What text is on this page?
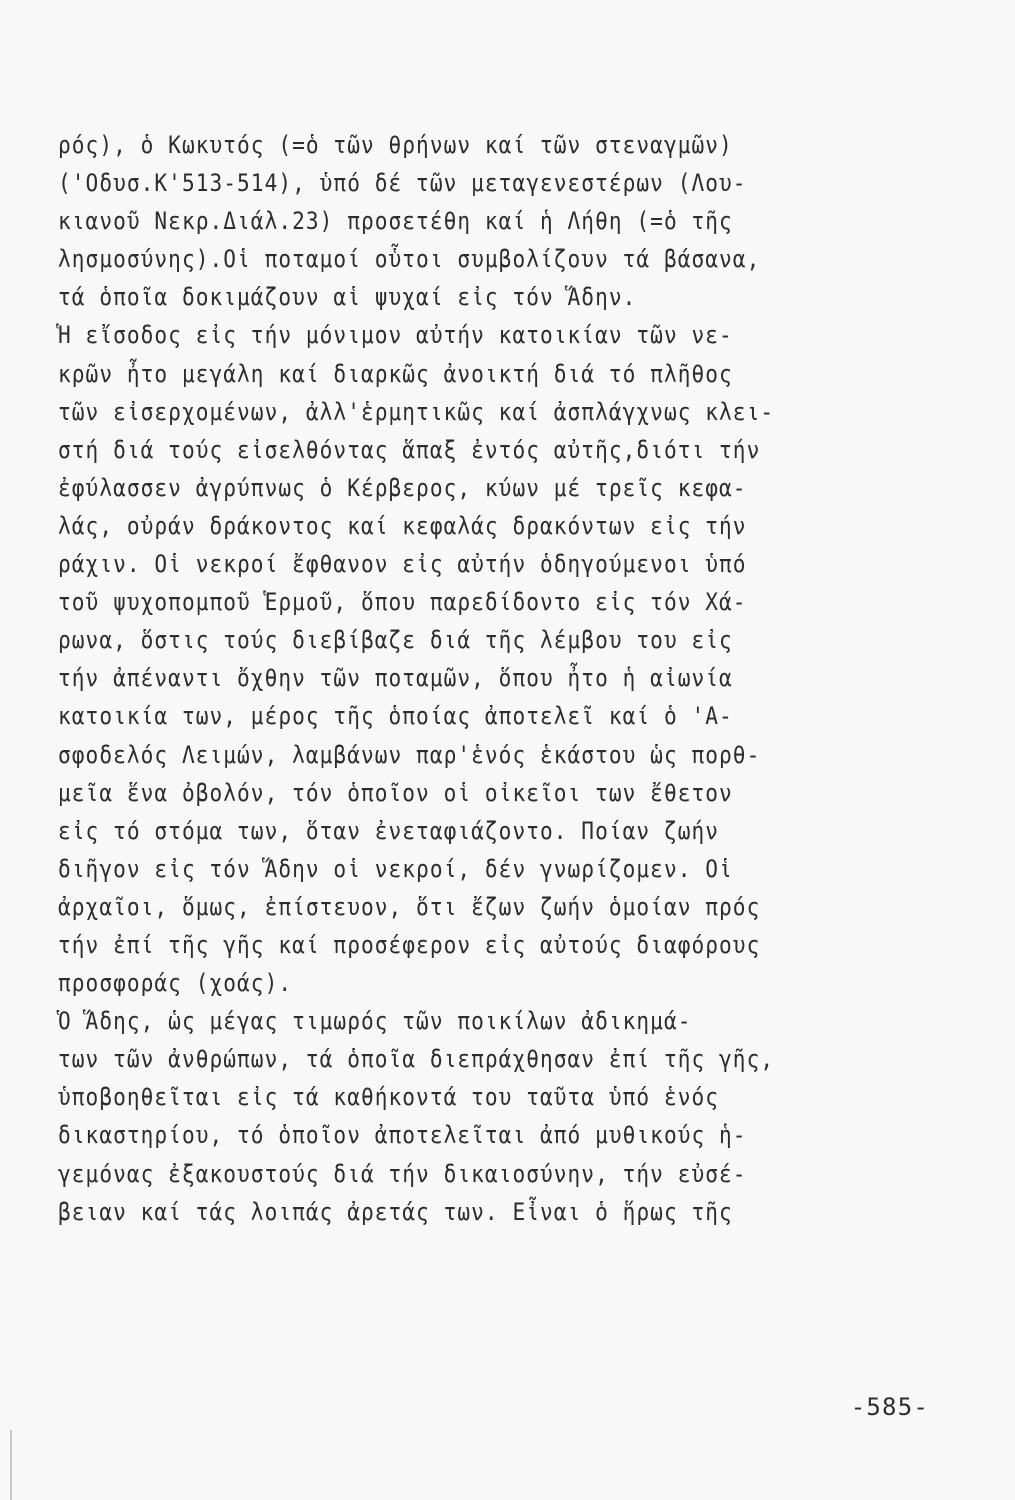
ρός), ὁ Κωκυτός (=ὁ τῶν θρήνων καί τῶν στεναγμῶν)
('Οδυσ.Κ'513-514), ὑπό δέ τῶν μεταγενεστέρων (Λου-
κιανοῦ Νεκρ.Διάλ.23) προσετέθη καί ἡ Λήθη (=ὁ τῆς
λησμοσύνης).Οἱ ποταμοί οὗτοι συμβολίζουν τά βάσανα,
τά ὁποῖα δοκιμάζουν αἱ ψυχαί εἰς τόν Ἅδην.
Ἡ εἴσοδος εἰς τήν μόνιμον αὐτήν κατοικίαν τῶν νε-
κρῶν ἦτο μεγάλη καί διαρκῶς ἀνοικτή διά τό πλῆθος
τῶν εἰσερχομένων, ἀλλ'ἑρμητικῶς καί ἀσπλάγχνως κλει-
στή διά τούς εἰσελθόντας ἅπαξ ἐντός αὐτῆς,διότι τήν
ἐφύλασσεν ἀγρύπνως ὁ Κέρβερος, κύων μέ τρεῖς κεφα-
λάς, οὐράν δράκοντος καί κεφαλάς δρακόντων εἰς τήν
ράχιν. Οἱ νεκροί ἔφθανον εἰς αὐτήν ὁδηγούμενοι ὑπό
τοῦ ψυχοπομποῦ Ἑρμοῦ, ὅπου παρεδίδοντο εἰς τόν Χά-
ρωνα, ὅστις τούς διεβίβαζε διά τῆς λέμβου του εἰς
τήν ἀπέναντι ὄχθην τῶν ποταμῶν, ὅπου ἦτο ἡ αἰωνία
κατοικία των, μέρος τῆς ὁποίας ἀποτελεῖ καί ὁ 'Α-
σφοδελός Λειμών, λαμβάνων παρ'ἑνός ἑκάστου ὡς πορθ-
μεῖα ἕνα ὀβολόν, τόν ὁποῖον οἱ οἰκεῖοι των ἔθετον
εἰς τό στόμα των, ὅταν ἐνεταφιάζοντο. Ποίαν ζωήν
διῆγον εἰς τόν Ἅδην οἱ νεκροί, δέν γνωρίζομεν. Οἱ
ἀρχαῖοι, ὅμως, ἐπίστευον, ὅτι ἔζων ζωήν ὁμοίαν πρός
τήν ἐπί τῆς γῆς καί προσέφερον εἰς αὐτούς διαφόρους
προσφοράς (χοάς).
Ὁ Ἅδης, ὡς μέγας τιμωρός τῶν ποικίλων ἀδικημά-
των τῶν ἀνθρώπων, τά ὁποῖα διεπράχθησαν ἐπί τῆς γῆς,
ὑποβοηθεῖται εἰς τά καθήκοντά του ταῦτα ὑπό ἑνός
δικαστηρίου, τό ὁποῖον ἀποτελεῖται ἀπό μυθικούς ἡ-
γεμόνας ἐξακουστούς διά τήν δικαιοσύνην, τήν εὐσέ-
βειαν καί τάς λοιπάς ἀρετάς των. Εἶναι ὁ ἥρως τῆς
-585-
